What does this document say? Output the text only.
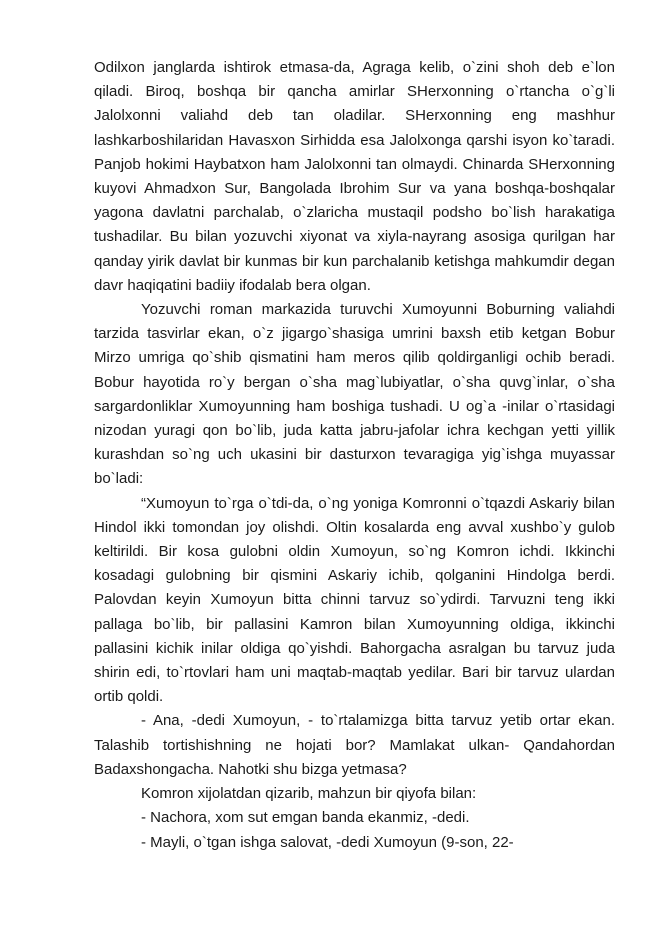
Odilxon janglarda ishtirok etmasa-da, Agraga kelib, o`zini shoh deb e`lon qiladi. Biroq, boshqa bir qancha amirlar SHerxonning o`rtancha o`g`li Jalolxonni valiahd deb tan oladilar. SHerxonning eng mashhur lashkarboshilaridan Havasxon Sirhidda esa Jalolxonga qarshi isyon ko`taradi. Panjob hokimi Haybatxon ham Jalolxonni tan olmaydi. Chinarda SHerxonning kuyovi Ahmadxon Sur, Bangolada Ibrohim Sur va yana boshqa-boshqalar yagona davlatni parchalab, o`zlaricha mustaqil podsho bo`lish harakatiga tushadilar. Bu bilan yozuvchi xiyonat va xiyla-nayrang asosiga qurilgan har qanday yirik davlat bir kunmas bir kun parchalanib ketishga mahkumdir degan davr haqiqatini badiiy ifodalab bera olgan.

Yozuvchi roman markazida turuvchi Xumoyunni Boburning valiahdi tarzida tasvirlar ekan, o`z jigargo`shasiga umrini baxsh etib ketgan Bobur Mirzo umriga qo`shib qismatini ham meros qilib qoldirganligi ochib beradi. Bobur hayotida ro`y bergan o`sha mag`lubiyatlar, o`sha quvg`inlar, o`sha sargardonliklar Xumoyunning ham boshiga tushadi. U og`a -inilar o`rtasidagi nizodan yuragi qon bo`lib, juda katta jabru-jafolar ichra kechgan yetti yillik kurashdan so`ng uch ukasini bir dasturxon tevaragiga yig`ishga muyassar bo`ladi:

“Xumoyun to`rga o`tdi-da, o`ng yoniga Komronni o`tqazdi Askariy bilan Hindol ikki tomondan joy olishdi. Oltin kosalarda eng avval xushbo`y gulob keltirildi. Bir kosa gulobni oldin Xumoyun, so`ng Komron ichdi. Ikkinchi kosadagi gulobning bir qismini Askariy ichib, qolganini Hindolga berdi. Palovdan keyin Xumoyun bitta chinni tarvuz so`ydirdi. Tarvuzni teng ikki pallaga bo`lib, bir pallasini Kamron bilan Xumoyunning oldiga, ikkinchi pallasini kichik inilar oldiga qo`yishdi. Bahorgacha asralgan bu tarvuz juda shirin edi, to`rtovlari ham uni maqtab-maqtab yedilar. Bari bir tarvuz ulardan ortib qoldi.

- Ana, -dedi Xumoyun, - to`rtalamizga bitta tarvuz yetib ortar ekan. Talashib tortishishning ne hojati bor? Mamlakat ulkan- Qandahordan Badaxshongacha. Nahotki shu bizga yetmasa?

Komron xijolatdan qizarib, mahzun bir qiyofa bilan:

- Nachora, xom sut emgan banda ekanmiz, -dedi.

- Mayli, o`tgan ishga salovat, -dedi Xumoyun (9-son, 22-
